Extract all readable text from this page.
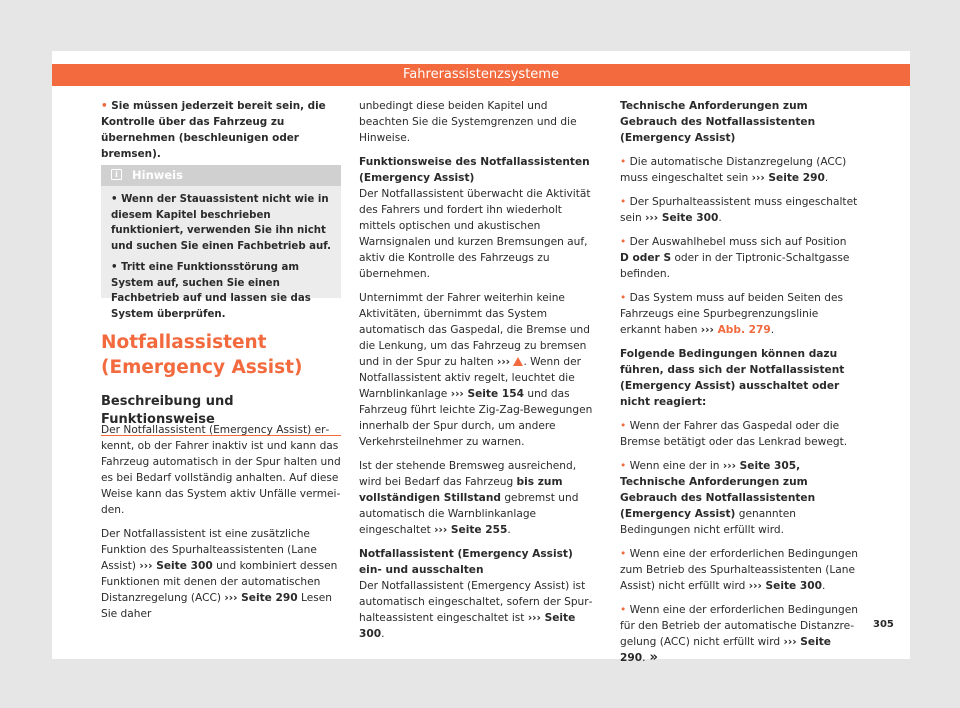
Fahrerassistenzsysteme

• Sie müssen jederzeit bereit sein, die Kontrolle über das Fahrzeug zu übernehmen (beschleunigen oder bremsen).

i Hinweis

• Wenn der Stauassistent nicht wie in diesem Kapitel beschrieben funktioniert, verwenden Sie ihn nicht und suchen Sie einen Fachbetrieb auf.

• Tritt eine Funktionsstörung am System auf, suchen Sie einen Fachbetrieb auf und lassen sie das System überprüfen.

Notfallassistent (Emergency Assist)
Beschreibung und Funktionsweise

Der Notfallassistent (Emergency Assist) erkennt, ob der Fahrer inaktiv ist und kann das Fahrzeug automatisch in der Spur halten und es bei Bedarf vollständig anhalten. Auf diese Weise kann das System aktiv Unfälle vermeiden.

Der Notfallassistent ist eine zusätzliche Funktion des Spurhalteassistenten (Lane Assist) ››› Seite 300 und kombiniert dessen Funktionen mit denen der automatischen Distanzregelung (ACC) ››› Seite 290 Lesen Sie daher

unbedingt diese beiden Kapitel und beachten Sie die Systemgrenzen und die Hinweise.

Funktionsweise des Notfallassistenten (Emergency Assist)

Der Notfallassistent überwacht die Aktivität des Fahrers und fordert ihn wiederholt mittels optischen und akustischen Warnsignalen und kurzen Bremsungen auf, aktiv die Kontrolle des Fahrzeugs zu übernehmen.

Unternimmt der Fahrer weiterhin keine Aktivitäten, übernimmt das System automatisch das Gaspedal, die Bremse und die Lenkung, um das Fahrzeug zu bremsen und in der Spur zu halten ››› . Wenn der Notfallassistent aktiv regelt, leuchtet die Warnblinkanlage ››› Seite 154 und das Fahrzeug führt leichte Zig-Zag-Bewegungen innerhalb der Spur durch, um andere Verkehrsteilnehmer zu warnen.

Ist der stehende Bremsweg ausreichend, wird bei Bedarf das Fahrzeug bis zum vollständigen Stillstand gebremst und automatisch die Warnblinkanlage eingeschaltet ››› Seite 255.

Notfallassistent (Emergency Assist) ein- und ausschalten

Der Notfallassistent (Emergency Assist) ist automatisch eingeschaltet, sofern der Spurhalteassistent eingeschaltet ist ››› Seite 300.

Technische Anforderungen zum Gebrauch des Notfallassistenten (Emergency Assist)

• Die automatische Distanzregelung (ACC) muss eingeschaltet sein ››› Seite 290.

• Der Spurhalteassistent muss eingeschaltet sein ››› Seite 300.

• Der Auswahlhebel muss sich auf Position D oder S oder in der Tiptronic-Schaltgasse befinden.

• Das System muss auf beiden Seiten des Fahrzeugs eine Spurbegrenzungslinie erkannt haben ››› Abb. 279.

Folgende Bedingungen können dazu führen, dass sich der Notfallassistent (Emergency Assist) ausschaltet oder nicht reagiert:

• Wenn der Fahrer das Gaspedal oder die Bremse betätigt oder das Lenkrad bewegt.

• Wenn eine der in ››› Seite 305, Technische Anforderungen zum Gebrauch des Notfallassistenten (Emergency Assist) genannten Bedingungen nicht erfüllt wird.

• Wenn eine der erforderlichen Bedingungen zum Betrieb des Spurhalteassistenten (Lane Assist) nicht erfüllt wird ››› Seite 300.

• Wenn eine der erforderlichen Bedingungen für den Betrieb der automatische Distanzregelung (ACC) nicht erfüllt wird ››› Seite 290. »

305
